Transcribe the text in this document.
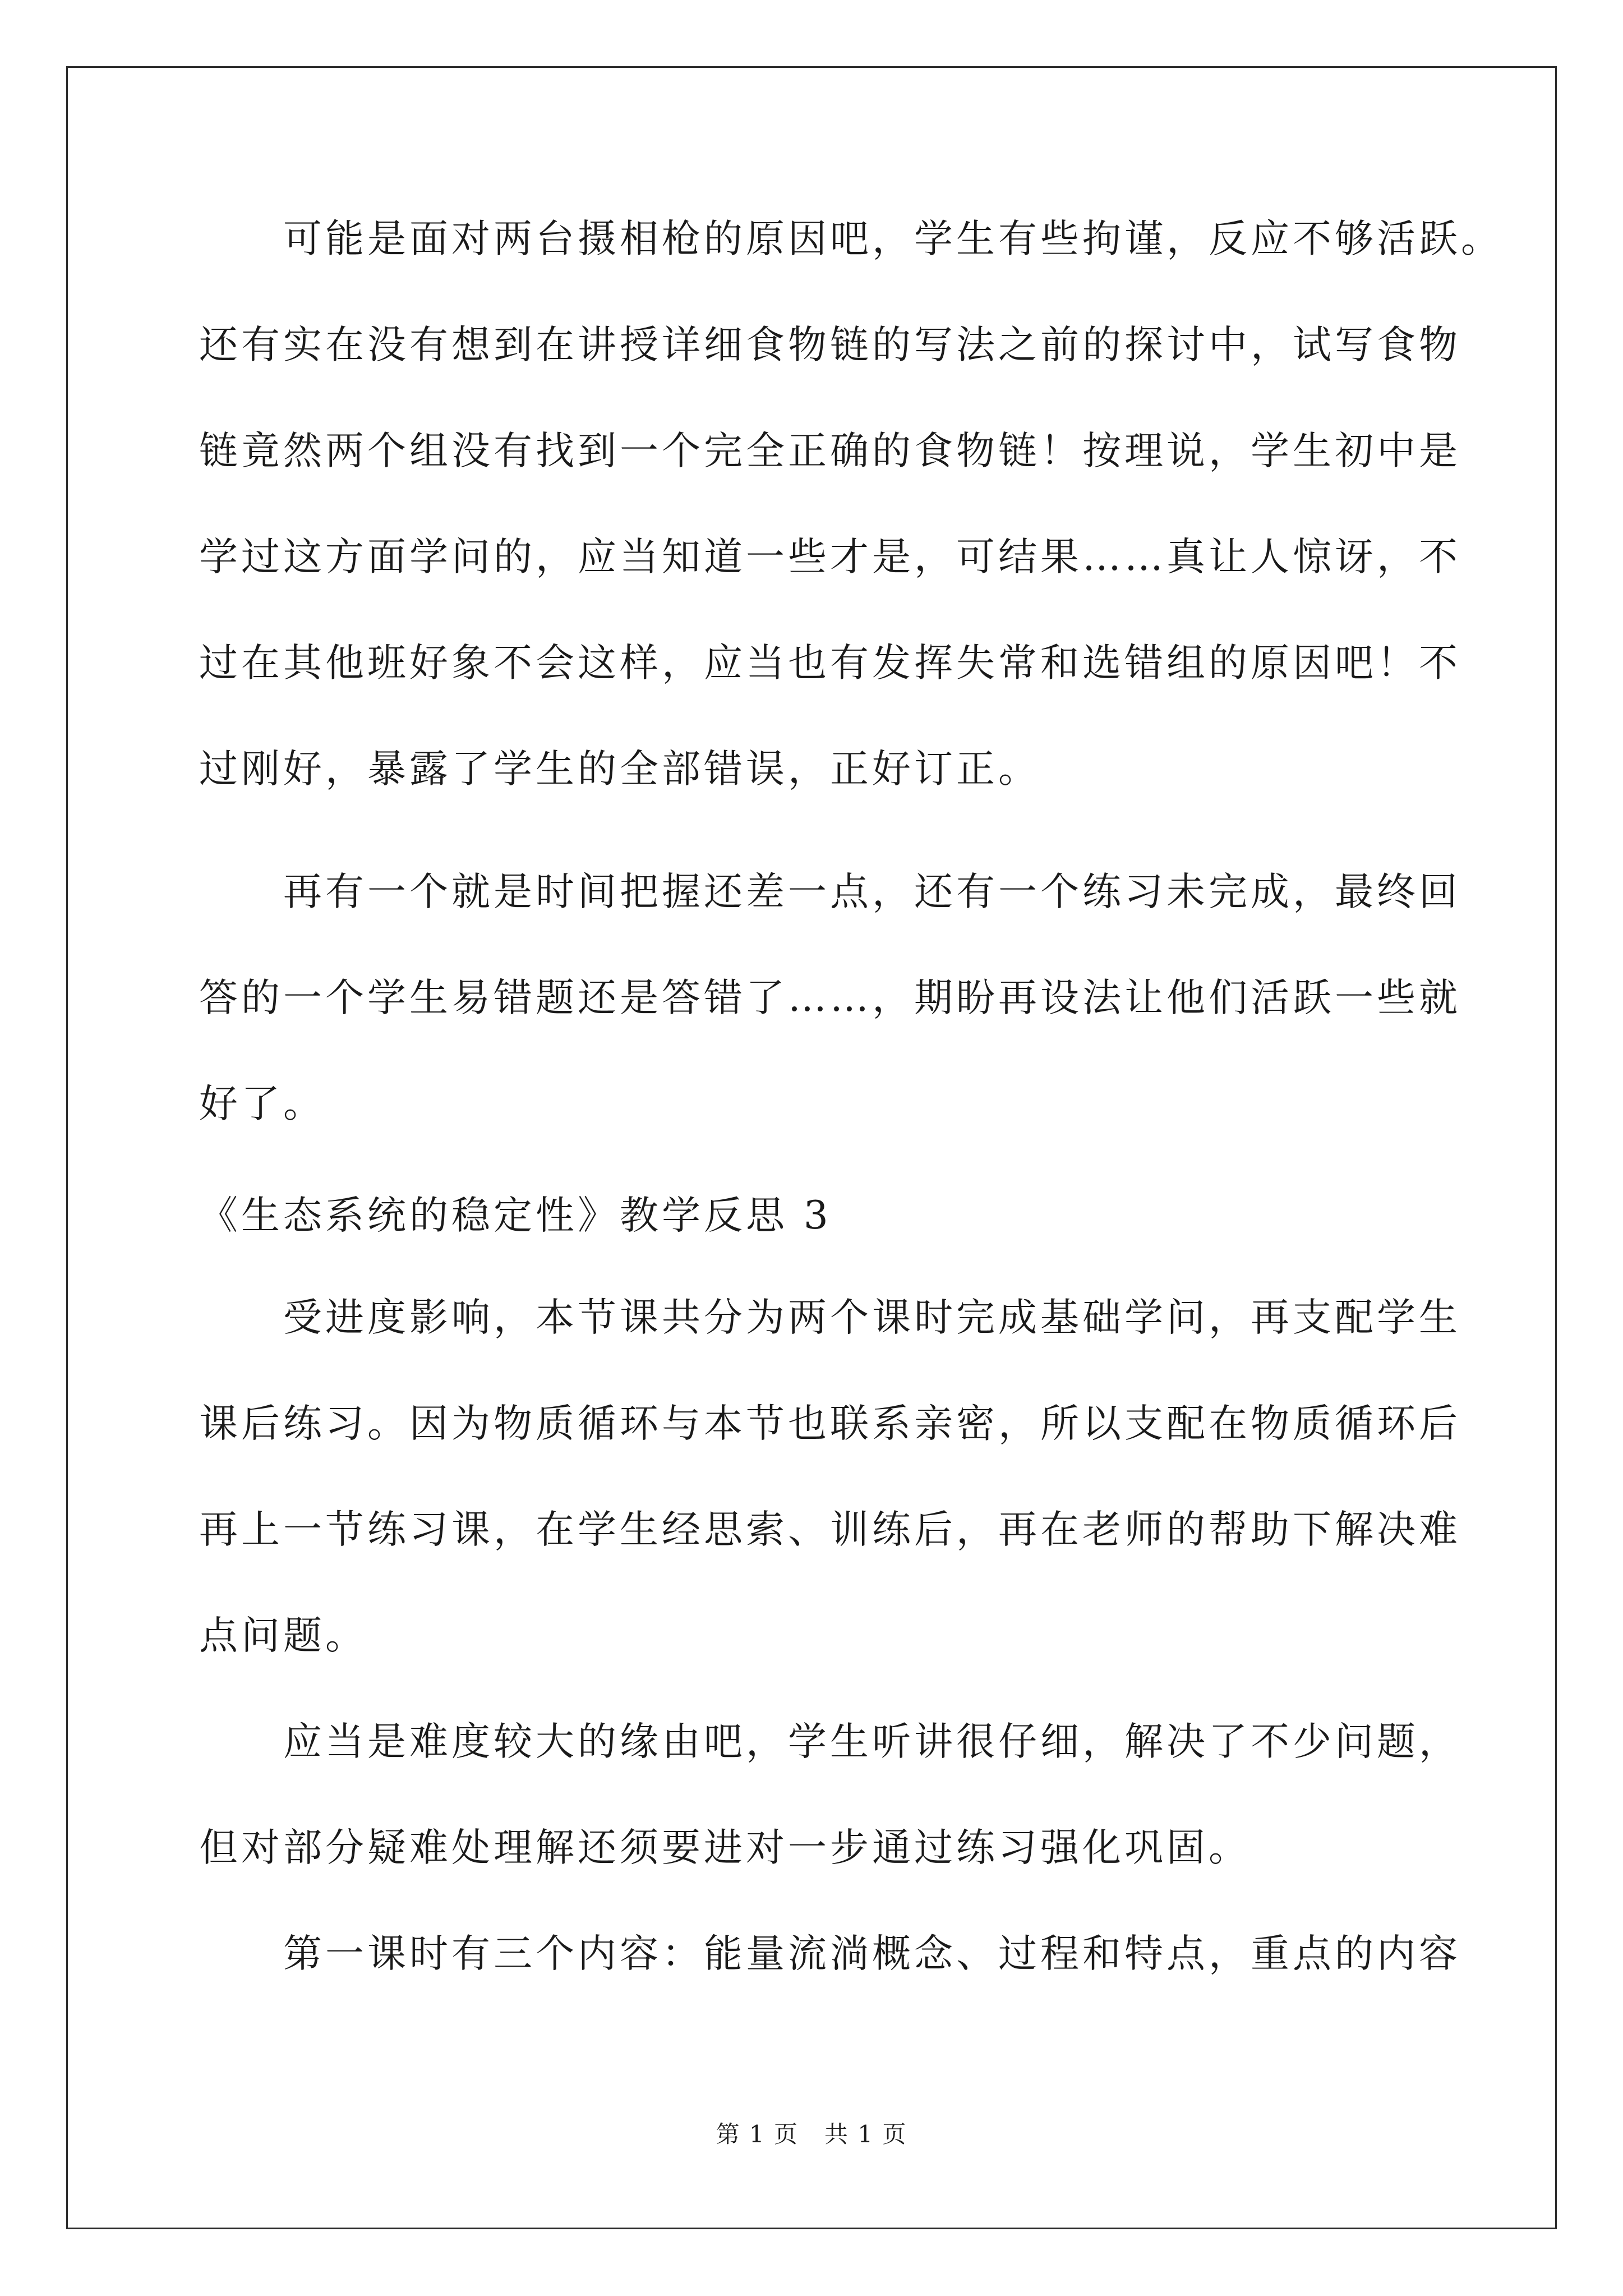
可能是面对两台摄相枪的原因吧，学生有些拘谨，反应不够活跃。
还有实在没有想到在讲授详细食物链的写法之前的探讨中，试写食物
链竟然两个组没有找到一个完全正确的食物链！按理说，学生初中是
学过这方面学问的，应当知道一些才是，可结果……真让人惊讶，不
过在其他班好象不会这样，应当也有发挥失常和选错组的原因吧！不
过刚好，暴露了学生的全部错误，正好订正。

再有一个就是时间把握还差一点，还有一个练习未完成，最终回
答的一个学生易错题还是答错了……，期盼再设法让他们活跃一些就
好了。

《生态系统的稳定性》教学反思 3

受进度影响，本节课共分为两个课时完成基础学问，再支配学生
课后练习。因为物质循环与本节也联系亲密，所以支配在物质循环后
再上一节练习课，在学生经思索、训练后，再在老师的帮助下解决难
点问题。

应当是难度较大的缘由吧，学生听讲很仔细，解决了不少问题，
但对部分疑难处理解还须要进对一步通过练习强化巩固。

第一课时有三个内容：能量流淌概念、过程和特点，重点的内容

第 1 页 共 1 页
